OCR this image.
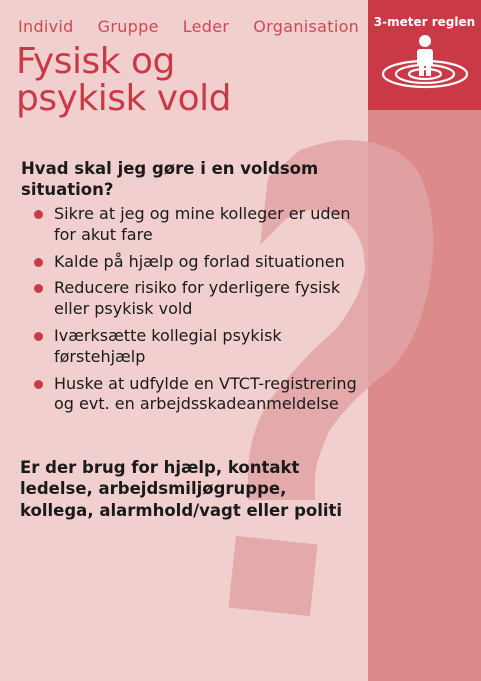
3-meter reglen
Individ Gruppe Leder Organisation
Fysisk og
psykisk vold
Hvad skal jeg gøre i en voldsom situation?
Sikre at jeg og mine kolleger er uden for akut fare
Kalde på hjælp og forlad situationen
Reducere risiko for yderligere fysisk eller psykisk vold
Iværksætte kollegial psykisk førstehjælp
Huske at udfylde en VTCT-registrering og evt. en arbejdsskadeanmeldelse
Er der brug for hjælp, kontakt ledelse, arbejdsmiljøgruppe, kollega, alarmhold/vagt eller politi
